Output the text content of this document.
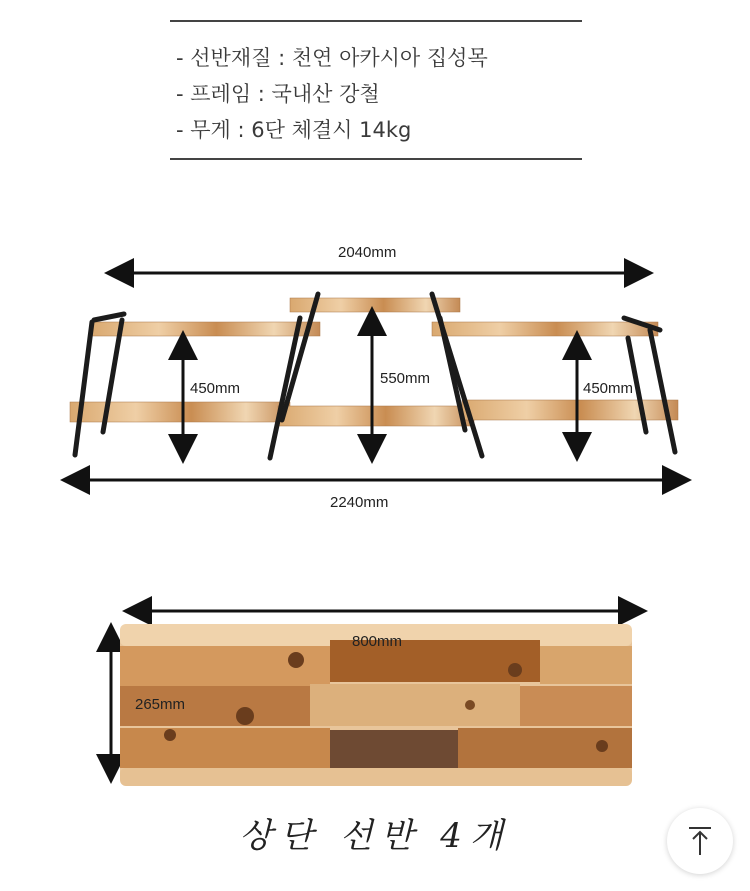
- 선반재질 : 천연 아카시아 집성목
- 프레임 : 국내산 강철
- 무게 : 6단 체결시 14kg
2040mm
450mm
550mm
450mm
2240mm
800mm
265mm
상단 선반 4개
